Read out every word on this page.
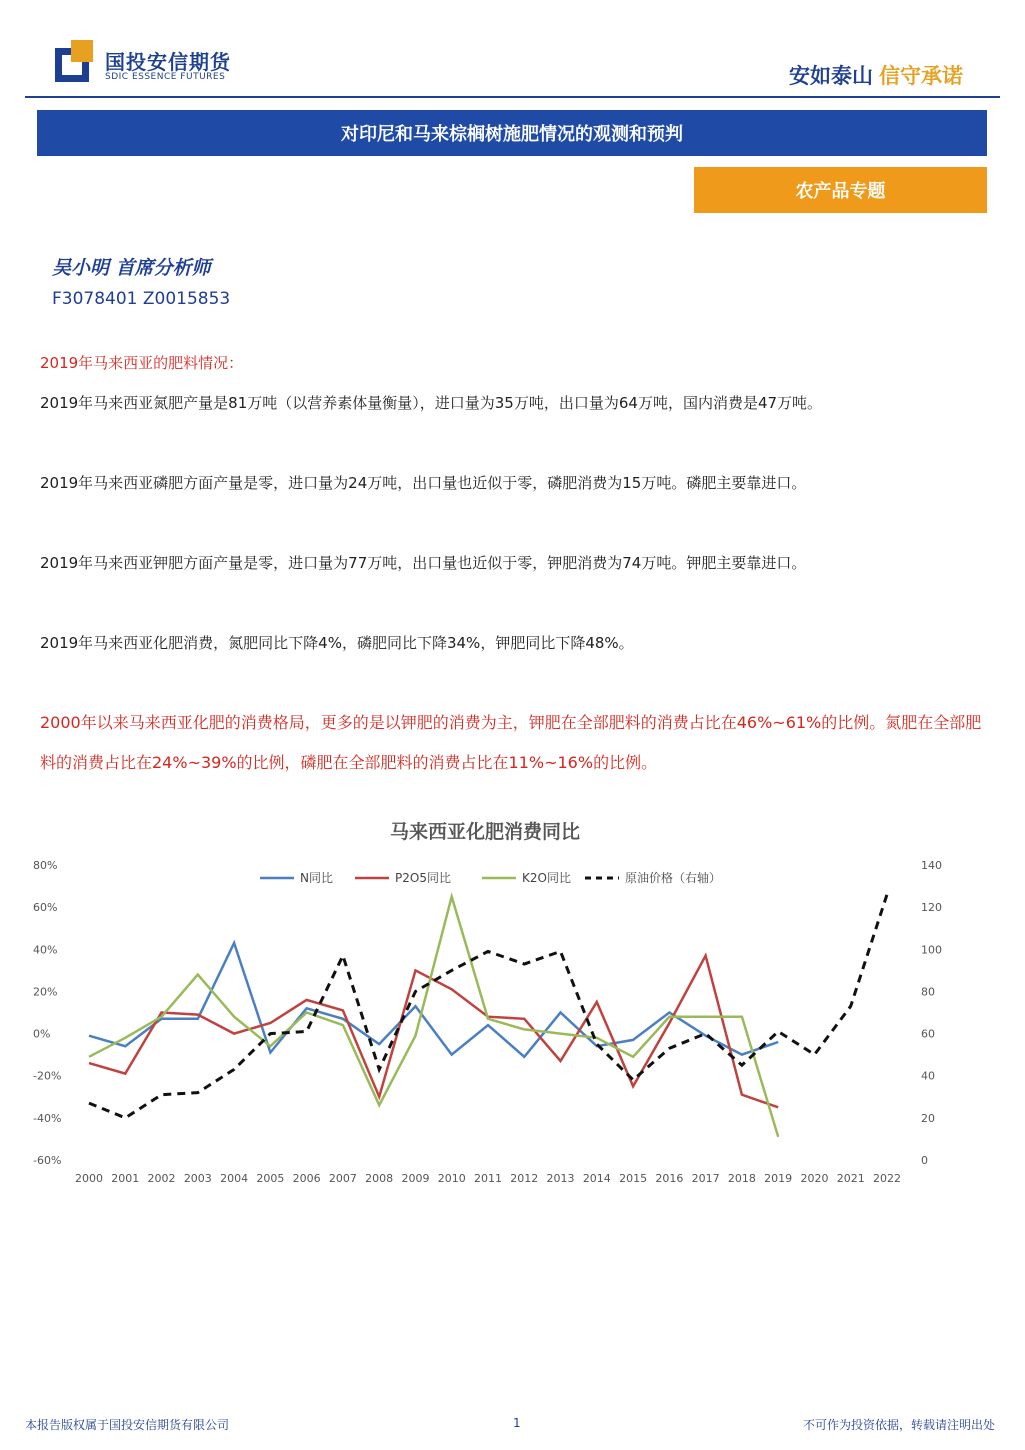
国投安信期货
SDIC ESSENCE FUTURES	安如泰山 信守承诺
对印尼和马来棕榈树施肥情况的观测和预判
农产品专题
吴小明 首席分析师
F3078401 Z0015853
2019年马来西亚的肥料情况：
2019年马来西亚氮肥产量是81万吨（以营养素体量衡量），进口量为35万吨，出口量为64万吨，国内消费是47万吨。
2019年马来西亚磷肥方面产量是零，进口量为24万吨，出口量也近似于零，磷肥消费为15万吨。磷肥主要靠进口。
2019年马来西亚钾肥方面产量是零，进口量为77万吨，出口量也近似于零，钾肥消费为74万吨。钾肥主要靠进口。
2019年马来西亚化肥消费，氮肥同比下降4%，磷肥同比下降34%，钾肥同比下降48%。
2000年以来马来西亚化肥的消费格局，更多的是以钾肥的消费为主，钾肥在全部肥料的消费占比在46%~61%的比例。氮肥在全部肥料的消费占比在24%~39%的比例，磷肥在全部肥料的消费占比在11%~16%的比例。
马来西亚化肥消费同比
80%
60%
40%
20%
0%
-20%
-40%
-60%
140
120
100
80
60
40
20
0
2000 2001 2002 2003 2004 2005 2006 2007 2008 2009 2010 2011 2012 2013 2014 2015 2016 2017 2018 2019 2020 2021 2022
N同比	P2O5同比	K2O同比	原油价格（右轴）
本报告版权属于国投安信期货有限公司	1	不可作为投资依据，转载请注明出处
